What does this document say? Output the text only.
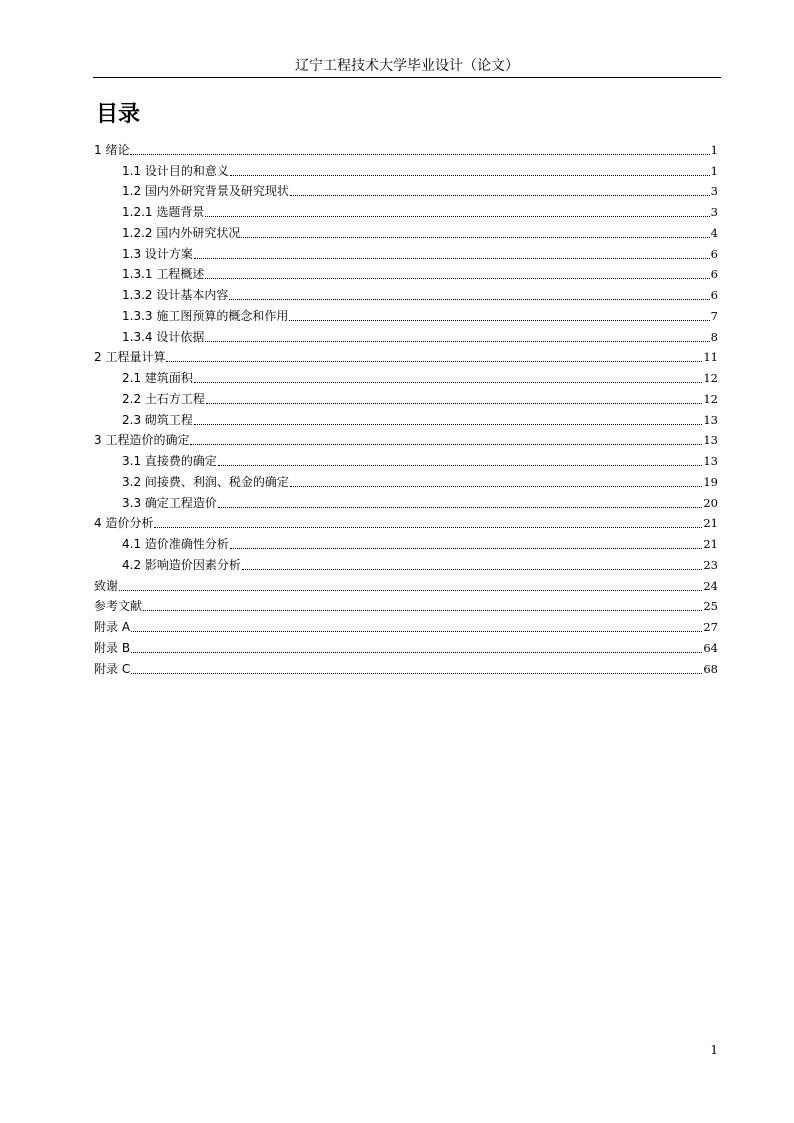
辽宁工程技术大学毕业设计（论文）
目录
1 绪论	1
1.1 设计目的和意义	1
1.2 国内外研究背景及研究现状	3
1.2.1 选题背景	3
1.2.2 国内外研究状况	4
1.3 设计方案	6
1.3.1 工程概述	6
1.3.2 设计基本内容	6
1.3.3 施工图预算的概念和作用	7
1.3.4 设计依据	8
2 工程量计算	11
2.1 建筑面积	12
2.2 土石方工程	12
2.3 砌筑工程	13
3 工程造价的确定	13
3.1 直接费的确定	13
3.2 间接费、利润、税金的确定	19
3.3 确定工程造价	20
4 造价分析	21
4.1 造价准确性分析	21
4.2 影响造价因素分析	23
致谢	24
参考文献	25
附录 A	27
附录 B	64
附录 C	68
1
